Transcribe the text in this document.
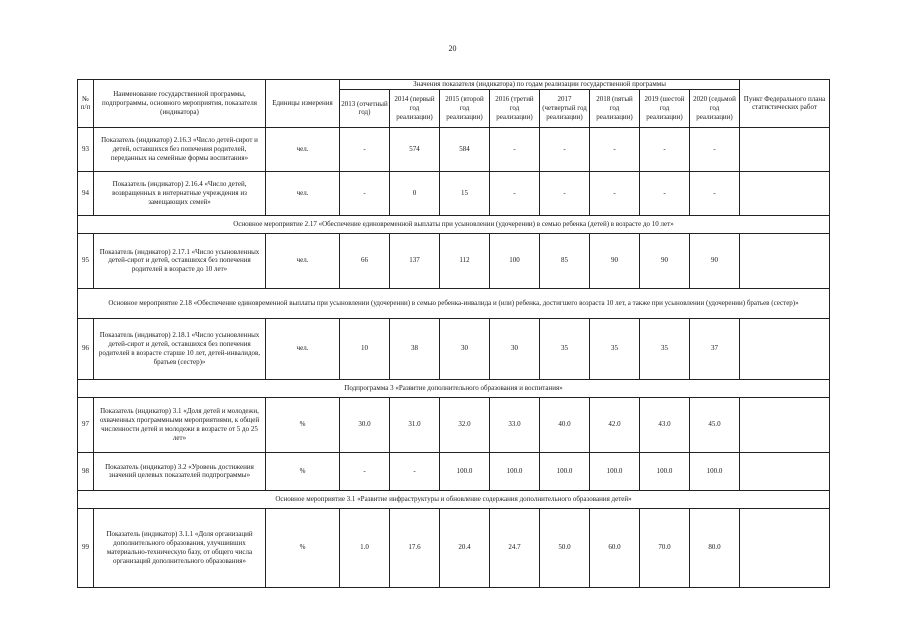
20
№ п/п	Наименование государственной программы, подпрограммы, основного мероприятия, показателя (индикатора)	Единицы измерения	Значения показателя (индикатора) по годам реализации государственной программы								Пункт Федерального плана статистических работ
			2013 (отчетный год)	2014 (первый год реализации)	2015 (второй год реализации)	2016 (третий год реализации)	2017 (четвертый год реализации)	2018 (пятый год реализации)	2019 (шестой год реализации)	2020 (седьмой год реализации)	
93	Показатель (индикатор) 2.16.3 «Число детей-сирот и детей, оставшихся без попечения родителей, переданных на семейные формы воспитания»	чел.	-	574	584	-	-	-	-	-	
94	Показатель (индикатор) 2.16.4 «Число детей, возвращенных в интернатные учреждения из замещающих семей»	чел.	-	0	15	-	-	-	-	-	
Основное мероприятие 2.17 «Обеспечение единовременной выплаты при усыновлении (удочерении) в семью ребенка (детей) в возрасте до 10 лет»											
95	Показатель (индикатор) 2.17.1 «Число усыновленных детей-сирот и детей, оставшихся без попечения родителей в возрасте до 10 лет»	чел.	66	137	112	100	85	90	90	90	
Основное мероприятие 2.18 «Обеспечение единовременной выплаты при усыновлении (удочерении) в семью ребенка-инвалида и (или) ребенка, достигшего возраста 10 лет, а также при усыновлении (удочерении) братьев (сестер)»											
96	Показатель (индикатор) 2.18.1 «Число усыновленных детей-сирот и детей, оставшихся без попечения родителей в возрасте старше 10 лет, детей-инвалидов, братьев (сестер)»	чел.	10	38	30	30	35	35	35	37	
Подпрограмма 3 «Развитие дополнительного образования и воспитания»											
97	Показатель (индикатор) 3.1 «Доля детей и молодежи, охваченных программными мероприятиями, к общей численности детей и молодежи в возрасте от 5 до 25 лет»	%	30.0	31.0	32.0	33.0	40.0	42.0	43.0	45.0	
98	Показатель (индикатор) 3.2 «Уровень достижения значений целевых показателей подпрограммы»	%	-	-	100.0	100.0	100.0	100.0	100.0	100.0	
Основное мероприятие 3.1 «Развитие инфраструктуры и обновление содержания дополнительного образования детей»											
99	Показатель (индикатор) 3.1.1 «Доля организаций дополнительного образования, улучшивших материально-техническую базу, от общего числа организаций дополнительного образования»	%	1.0	17.6	20.4	24.7	50.0	60.0	70.0	80.0	
